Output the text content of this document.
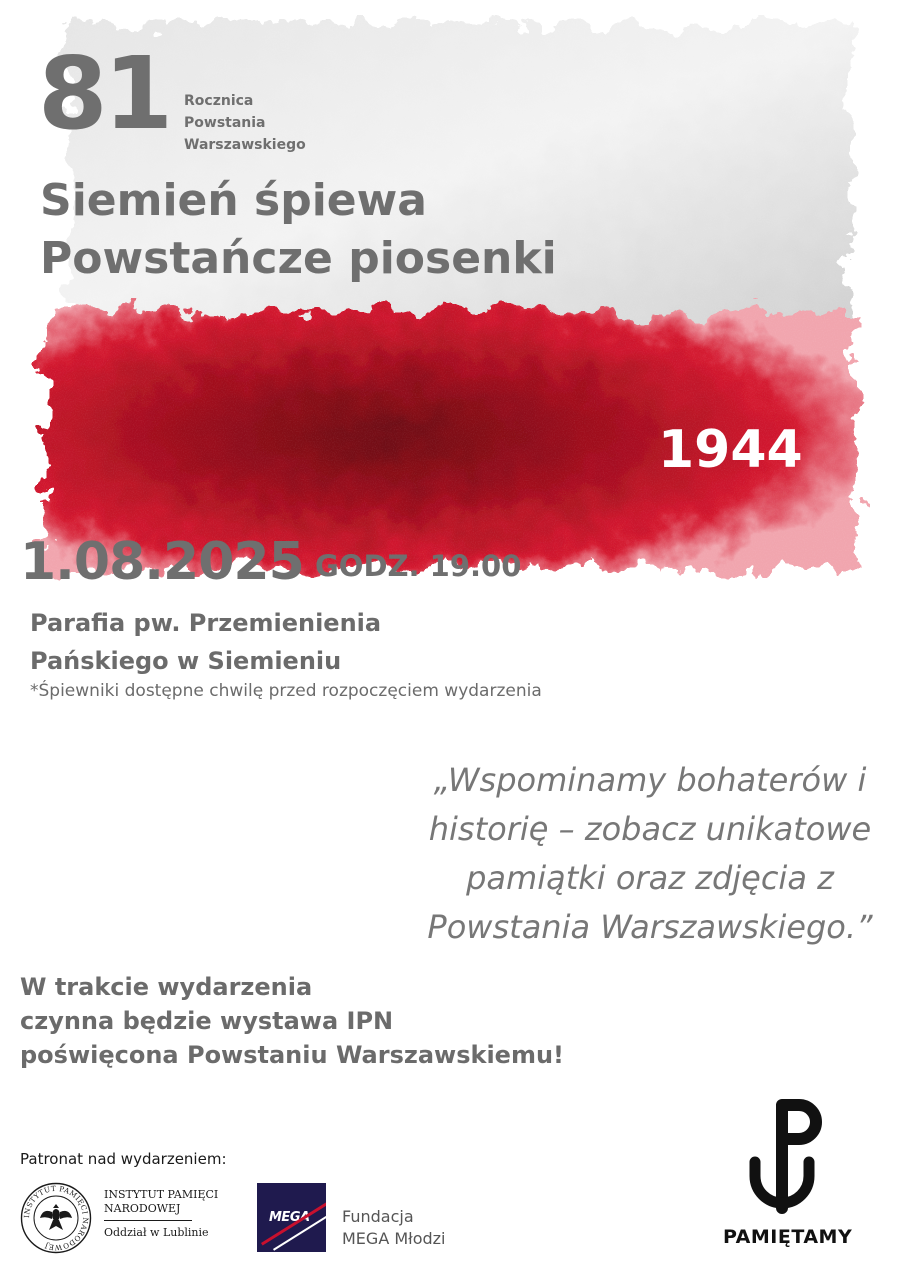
81 Rocznica
Powstania
Warszawskiego
Siemień śpiewa
Powstańcze piosenki
1944
1.08.2025 GODZ. 19.00
Parafia pw. Przemienienia
Pańskiego w Siemieniu
*Śpiewniki dostępne chwilę przed rozpoczęciem wydarzenia
„Wspominamy bohaterów i
historię – zobacz unikatowe
pamiątki oraz zdjęcia z
Powstania Warszawskiego.”
W trakcie wydarzenia
czynna będzie wystawa IPN
poświęcona Powstaniu Warszawskiemu!
Patronat nad wydarzeniem:
INSTYTUT PAMIĘCI NARODOWEJ
INSTYTUT PAMIĘCI
NARODOWEJ
Oddział w Lublinie
MEGA Fundacja
MEGA Młodzi	PAMIĘTAMY
